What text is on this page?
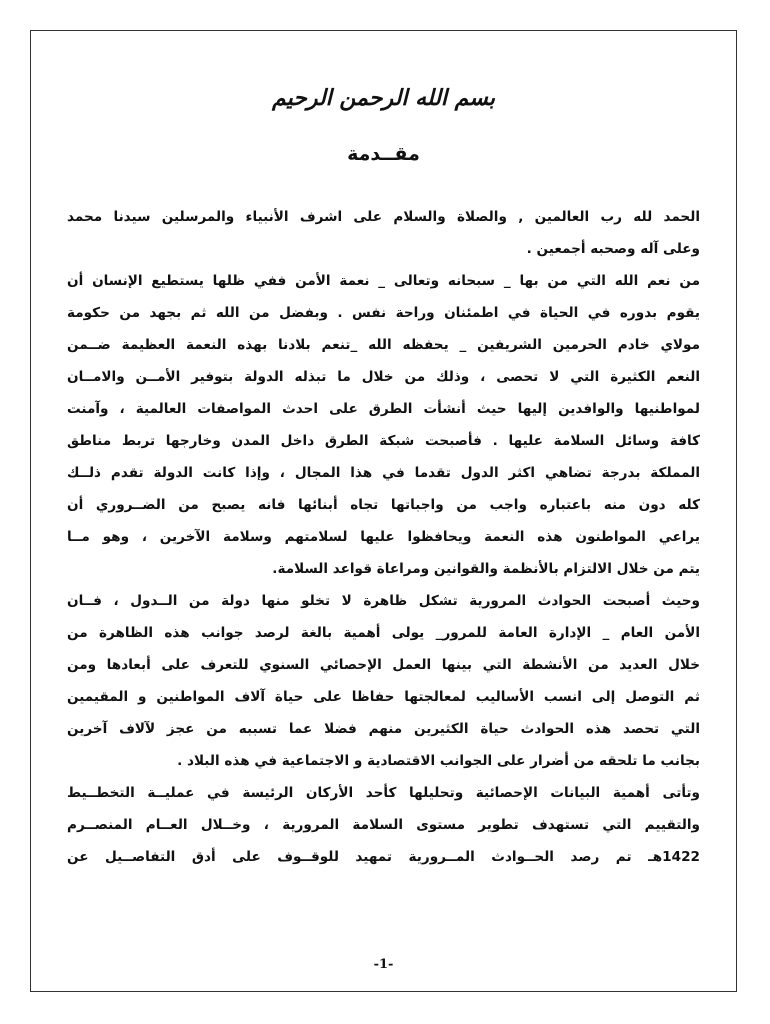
بسم الله الرحمن الرحيم
مقــدمة
الحمد لله رب العالمين , والصلاة والسلام على اشرف الأنبياء والمرسلين سيدنا محمد
وعلى آله وصحبه أجمعين .
من نعم الله التي من بها _ سبحانه وتعالى _ نعمة الأمن ففي ظلها يستطيع الإنسان أن
يقوم بدوره في الحياة في اطمئنان وراحة نفس . وبفضل من الله ثم بجهد من حكومة
مولاي خادم الحرمين الشريفين _ يحفظه الله _تنعم بلادنا بهذه النعمة العظيمة ضــمن
النعم الكثيرة التي لا تحصى ، وذلك من خلال ما تبذله الدولة بتوفير الأمــن والامــان
لمواطنيها والوافدين إليها حيث أنشأت الطرق على احدث المواصفات العالمية ، وآمنت
كافة وسائل السلامة عليها . فأصبحت شبكة الطرق داخل المدن وخارجها تربط مناطق
المملكة بدرجة تضاهي اكثر الدول تقدما في هذا المجال ، وإذا كانت الدولة تقدم ذلــك
كله دون منه باعتباره واجب من واجباتها تجاه أبنائها فانه يصبح من الضــروري أن
يراعي المواطنون هذه النعمة ويحافظوا عليها لسلامتهم وسلامة الآخرين ، وهو مــا
يتم من خلال الالتزام بالأنظمة والقوانين ومراعاة قواعد السلامة.
وحيث أصبحت الحوادث المرورية تشكل ظاهرة لا تخلو منها دولة من الــدول ، فــان
الأمن العام _ الإدارة العامة للمرور_ يولى أهمية بالغة لرصد جوانب هذه الظاهرة من
خلال العديد من الأنشطة التي بينها العمل الإحصائي السنوي للتعرف على أبعادها ومن
ثم التوصل إلى انسب الأساليب لمعالجتها حفاظا على حياة آلاف المواطنين و المقيمين
التي تحصد هذه الحوادث حياة الكثيرين منهم فضلا عما تسببه من عجز لآلاف آخرين
بجانب ما تلحقه من أضرار على الجوانب الاقتصادية و الاجتماعية في هذه البلاد .
وتأتى أهمية البيانات الإحصائية وتحليلها كأحد الأركان الرئيسة في عمليــة التخطــيط
والتقييم التي تستهدف تطوير مستوى السلامة المرورية ، وخــلال العــام المنصــرم
1422هـ تم رصد الحــوادث المــرورية تمهيد للوقــوف على أدق التفاصــيل عن
-1-
